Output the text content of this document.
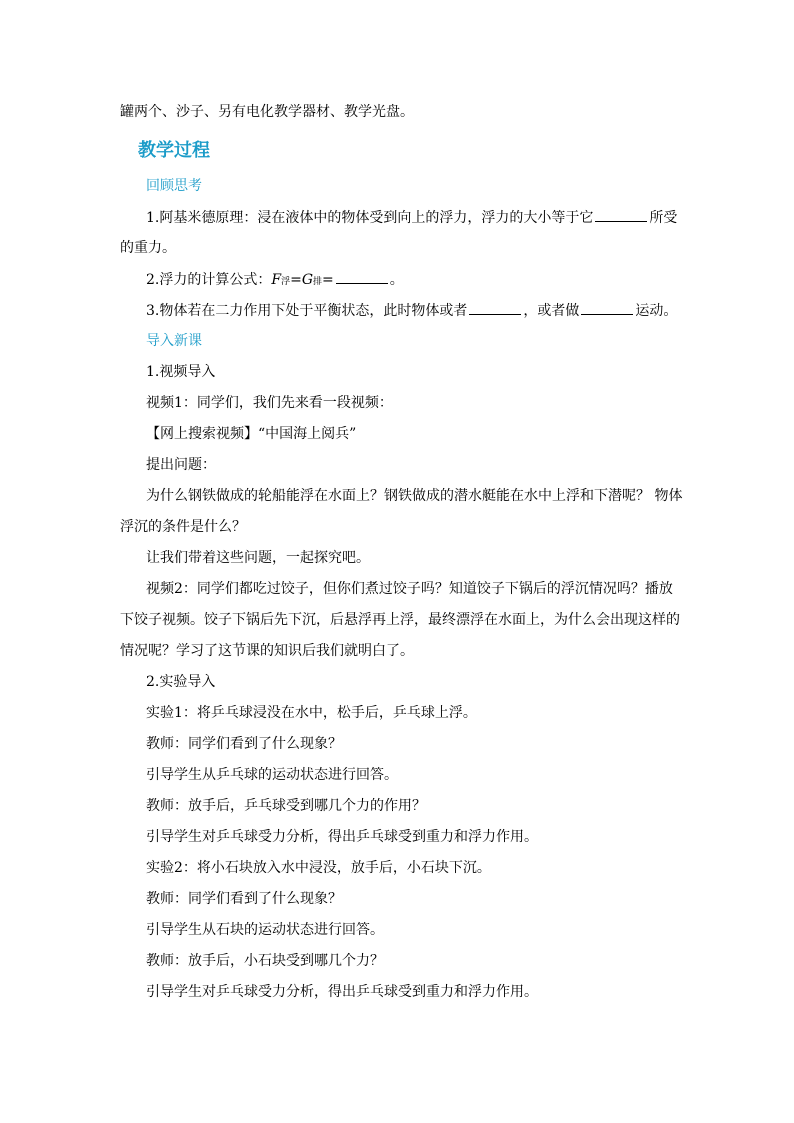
罐两个、沙子、另有电化教学器材、教学光盘。
教学过程
回顾思考
1.阿基米德原理：浸在液体中的物体受到向上的浮力，浮力的大小等于它	所受
的重力。
2.浮力的计算公式：F浮=G排=	。
3.物体若在二力作用下处于平衡状态，此时物体或者	，或者做	运动。
导入新课
1.视频导入
视频1：同学们，我们先来看一段视频：
【网上搜索视频】“中国海上阅兵”
提出问题：
为什么钢铁做成的轮船能浮在水面上？钢铁做成的潜水艇能在水中上浮和下潜呢？ 物体
浮沉的条件是什么？
让我们带着这些问题，一起探究吧。
视频2：同学们都吃过饺子，但你们煮过饺子吗？知道饺子下锅后的浮沉情况吗？播放
下饺子视频。饺子下锅后先下沉，后悬浮再上浮，最终漂浮在水面上，为什么会出现这样的
情况呢？学习了这节课的知识后我们就明白了。
2.实验导入
实验1：将乒乓球浸没在水中，松手后，乒乓球上浮。
教师：同学们看到了什么现象？
引导学生从乒乓球的运动状态进行回答。
教师：放手后，乒乓球受到哪几个力的作用？
引导学生对乒乓球受力分析，得出乒乓球受到重力和浮力作用。
实验2：将小石块放入水中浸没，放手后，小石块下沉。
教师：同学们看到了什么现象？
引导学生从石块的运动状态进行回答。
教师：放手后，小石块受到哪几个力？
引导学生对乒乓球受力分析，得出乒乓球受到重力和浮力作用。
